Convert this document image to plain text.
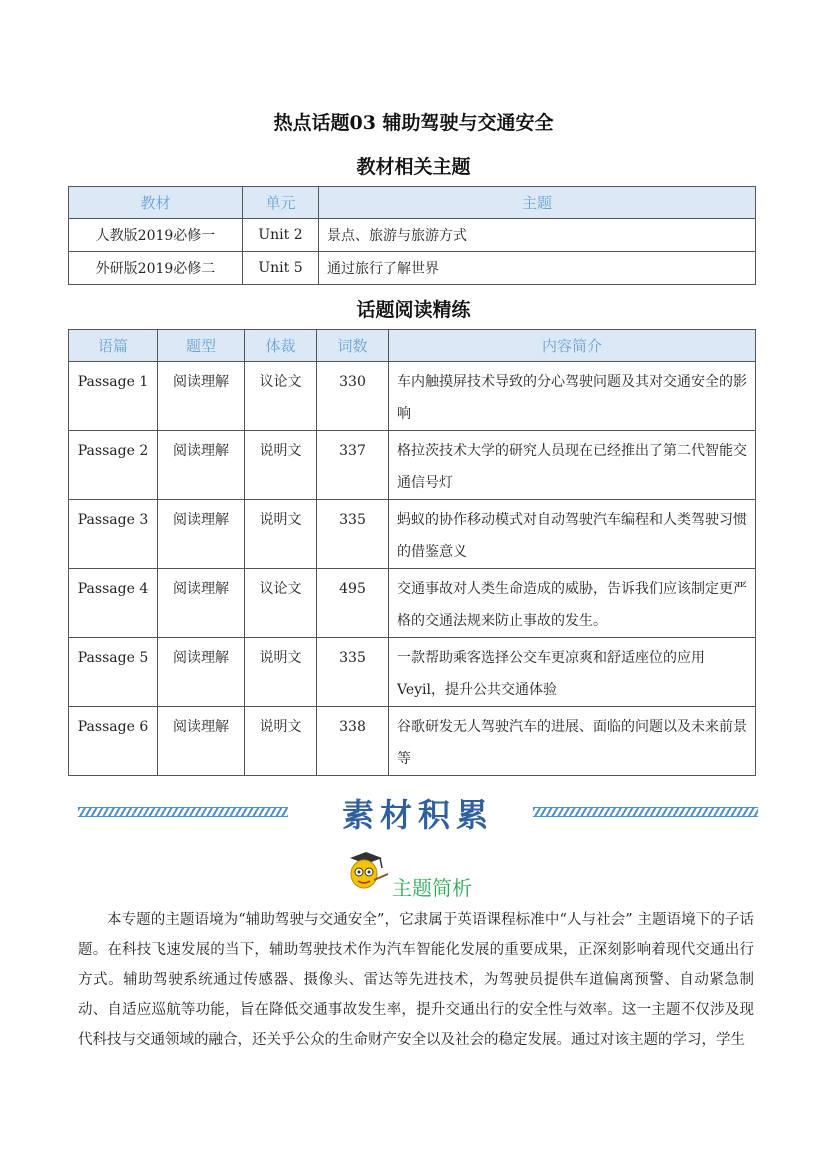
热点话题03 辅助驾驶与交通安全
教材相关主题
教材	单元	主题
人教版2019必修一	Unit 2	景点、旅游与旅游方式
外研版2019必修二	Unit 5	通过旅行了解世界
话题阅读精练
语篇	题型	体裁	词数	内容简介
Passage 1	阅读理解	议论文	330	车内触摸屏技术导致的分心驾驶问题及其对交通安全的影响
Passage 2	阅读理解	说明文	337	格拉茨技术大学的研究人员现在已经推出了第二代智能交通信号灯
Passage 3	阅读理解	说明文	335	蚂蚁的协作移动模式对自动驾驶汽车编程和人类驾驶习惯的借鉴意义
Passage 4	阅读理解	议论文	495	交通事故对人类生命造成的威胁，告诉我们应该制定更严格的交通法规来防止事故的发生。
Passage 5	阅读理解	说明文	335	一款帮助乘客选择公交车更凉爽和舒适座位的应用Veyil，提升公共交通体验
Passage 6	阅读理解	说明文	338	谷歌研发无人驾驶汽车的进展、面临的问题以及未来前景等
素材积累
主题简析
本专题的主题语境为“辅助驾驶与交通安全”，它隶属于英语课程标准中“人与社会” 主题语境下的子话题。在科技飞速发展的当下，辅助驾驶技术作为汽车智能化发展的重要成果，正深刻影响着现代交通出行方式。辅助驾驶系统通过传感器、摄像头、雷达等先进技术，为驾驶员提供车道偏离预警、自动紧急制动、自适应巡航等功能，旨在降低交通事故发生率，提升交通出行的安全性与效率。这一主题不仅涉及现代科技与交通领域的融合，还关乎公众的生命财产安全以及社会的稳定发展。通过对该主题的学习，学生
